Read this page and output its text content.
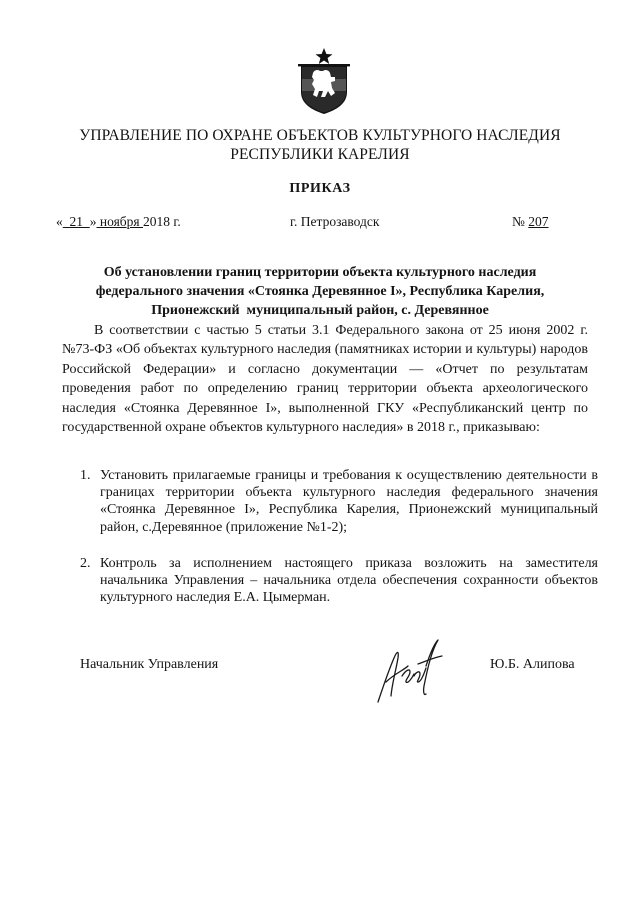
УПРАВЛЕНИЕ ПО ОХРАНЕ ОБЪЕКТОВ КУЛЬТУРНОГО НАСЛЕДИЯ
РЕСПУБЛИКИ КАРЕЛИЯ
ПРИКАЗ
«  21  » ноября 2018 г.	г. Петрозаводск	№ 207
Об установлении границ территории объекта культурного наследия
федерального значения «Стоянка Деревянное I», Республика Карелия,
Прионежский  муниципальный район, с. Деревянное
В соответствии с частью 5 статьи 3.1 Федерального закона от 25 июня 2002 г. №73-ФЗ «Об объектах культурного наследия (памятниках истории и культуры) народов Российской Федерации» и согласно документации — «Отчет по результатам проведения работ по определению границ территории объекта археологического наследия «Стоянка Деревянное I», выполненной ГКУ «Республиканский центр по государственной охране объектов культурного наследия» в 2018 г., приказываю:
1. Установить прилагаемые границы и требования к осуществлению деятельности в границах территории объекта культурного наследия федерального значения «Стоянка Деревянное I», Республика Карелия, Прионежский муниципальный район, с.Деревянное (приложение №1-2);
2. Контроль за исполнением настоящего приказа возложить на заместителя начальника Управления – начальника отдела обеспечения сохранности объектов культурного наследия Е.А. Цымерман.
Начальник Управления	Ю.Б. Алипова
